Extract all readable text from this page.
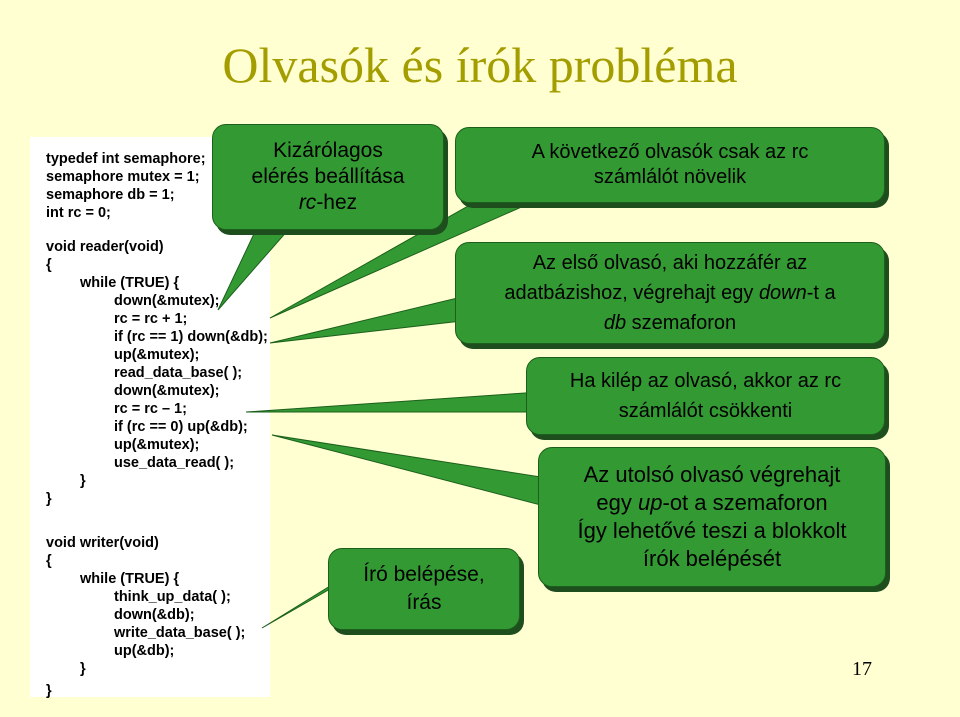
Olvasók és írók probléma
typedef int semaphore;
semaphore mutex = 1;
semaphore db = 1;
int rc = 0;
void reader(void)
{
while (TRUE) {
down(&mutex);
rc = rc + 1;
if (rc == 1) down(&db);
up(&mutex);
read_data_base( );
down(&mutex);
rc = rc – 1;
if (rc == 0) up(&db);
up(&mutex);
use_data_read( );
}
}
void writer(void)
{
while (TRUE) {
think_up_data( );
down(&db);
write_data_base( );
up(&db);
}
}
Kizárólagos
elérés beállítása
rc-hez
A következő olvasók csak az rc
számlálót növelik
Az első olvasó, aki hozzáfér az
adatbázishoz, végrehajt egy down-t a
db szemaforon
Ha kilép az olvasó, akkor az rc
számlálót csökkenti
Az utolsó olvasó végrehajt
egy up-ot a szemaforon
Így lehetővé teszi a blokkolt
írók belépését
Író belépése,
írás
17
